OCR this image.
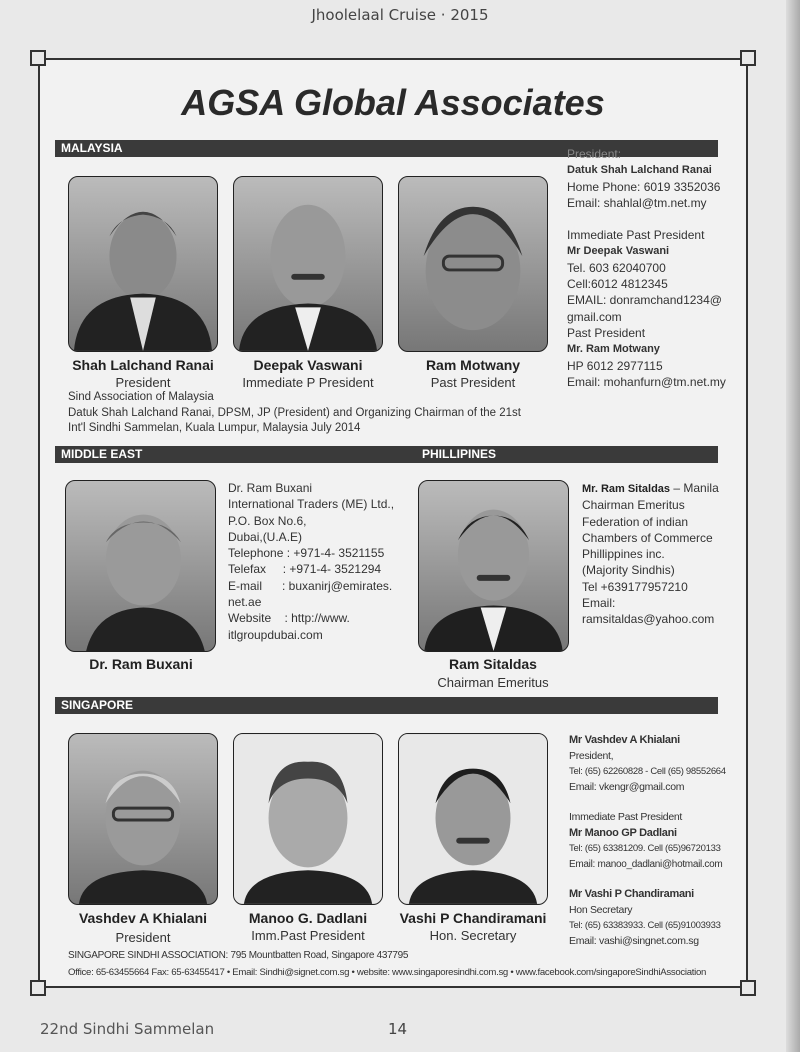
Jhoolelaal Cruise · 2015
AGSA Global Associates
MALAYSIA
Shah Lalchand Ranai
President
Deepak Vaswani
Immediate P President
Ram Motwany
Past President
Sind Association of Malaysia
Datuk Shah Lalchand Ranai, DPSM, JP (President) and Organizing Chairman of the 21st
Int'l Sindhi Sammelan, Kuala Lumpur, Malaysia July 2014
President:
Datuk Shah Lalchand Ranai
Home Phone: 6019 3352036
Email: shahlal@tm.net.my
Immediate Past President
Mr Deepak Vaswani
Tel. 603 62040700
Cell:6012 4812345
EMAIL: donramchand1234@
gmail.com
Past President
Mr. Ram Motwany
HP 6012 2977115
Email: mohanfurn@tm.net.my
MIDDLE EAST	PHILLIPINES
Dr. Ram Buxani
Dr. Ram Buxani
International Traders (ME) Ltd.,
P.O. Box No.6,
Dubai,(U.A.E)
Telephone : +971-4- 3521155
Telefax     : +971-4- 3521294
E-mail      : buxanirj@emirates.
net.ae
Website    : http://www.
itlgroupdubai.com
Ram Sitaldas
Chairman Emeritus
Mr. Ram Sitaldas – Manila
Chairman Emeritus
Federation of indian
Chambers of Commerce
Phillippines inc.
(Majority Sindhis)
Tel +639177957210
Email:
ramsitaldas@yahoo.com
SINGAPORE
Vashdev A Khialani
President
Manoo G. Dadlani
Imm.Past President
Vashi P Chandiramani
Hon. Secretary
Mr Vashdev A Khialani
President,
Tel: (65) 62260828 - Cell (65) 98552664
Email: vkengr@gmail.com
Immediate Past President
Mr Manoo GP Dadlani
Tel: (65) 63381209. Cell (65)96720133
Email: manoo_dadlani@hotmail.com
Mr Vashi P Chandiramani
Hon Secretary
Tel: (65) 63383933. Cell (65)91003933
Email: vashi@singnet.com.sg
SINGAPORE SINDHI ASSOCIATION: 795 Mountbatten Road, Singapore 437795
Office: 65-63455664 Fax: 65-63455417 • Email: Sindhi@signet.com.sg • website: www.singaporesindhi.com.sg • www.facebook.com/singaporeSindhiAssociation
22nd Sindhi Sammelan	14
